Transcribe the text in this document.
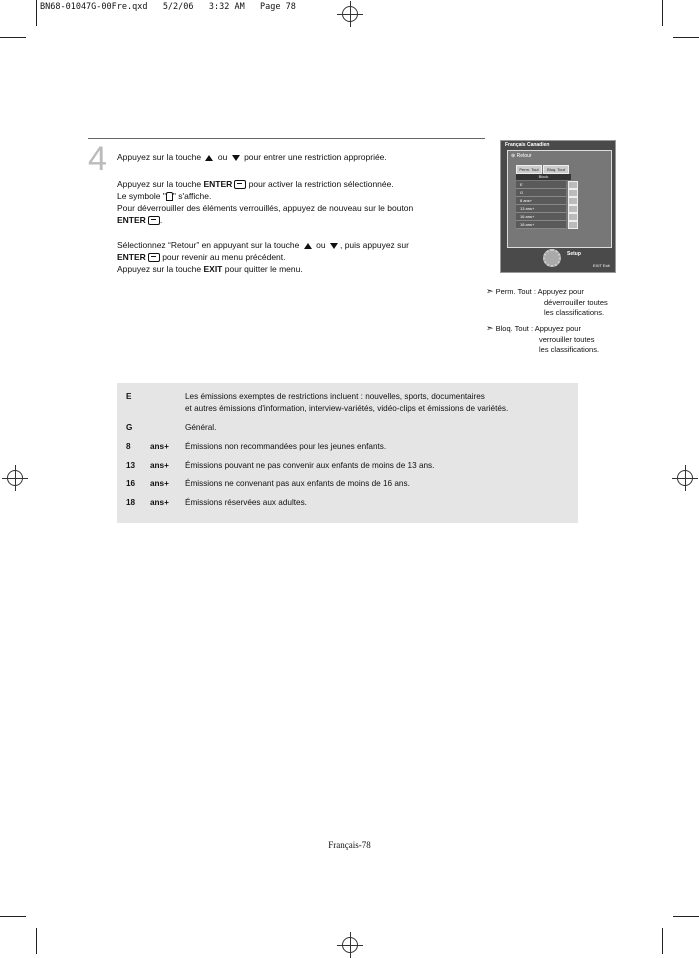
BN68-01047G-00Fre.qxd   5/2/06   3:32 AM   Page 78
4 Appuyez sur la touche ou pour entrer une restriction appropriée.
Appuyez sur la touche ENTER pour activer la restriction sélectionnée.
Le symbole " " s'affiche.
Pour déverrouiller des éléments verrouillés, appuyez de nouveau sur le bouton
ENTER .
Sélectionnez “Retour” en appuyant sur la touche ou , puis appuyez sur
ENTER pour revenir au menu précédent.
Appuyez sur la touche EXIT pour quitter le menu.
Français Canadien
⊛ Retour
Perm. Tout	Bloq. Tout
Block
E
G
8 ans+
13 ans+
16 ans+
18 ans+
Setup
EXIT Exit
➣ Perm. Tout : Appuyez pour
déverrouiller toutes
les classifications.
➣ Bloq. Tout : Appuyez pour
verrouiller toutes
les classifications.
E	Les émissions exemptes de restrictions incluent : nouvelles, sports, documentaires
et autres émissions d'information, interview-variétés, vidéo-clips et émissions de variétés.
G	Général.
8 ans+ Émissions non recommandées pour les jeunes enfants.
13 ans+ Émissions pouvant ne pas convenir aux enfants de moins de 13 ans.
16 ans+ Émissions ne convenant pas aux enfants de moins de 16 ans.
18 ans+ Émissions réservées aux adultes.
Français-78
